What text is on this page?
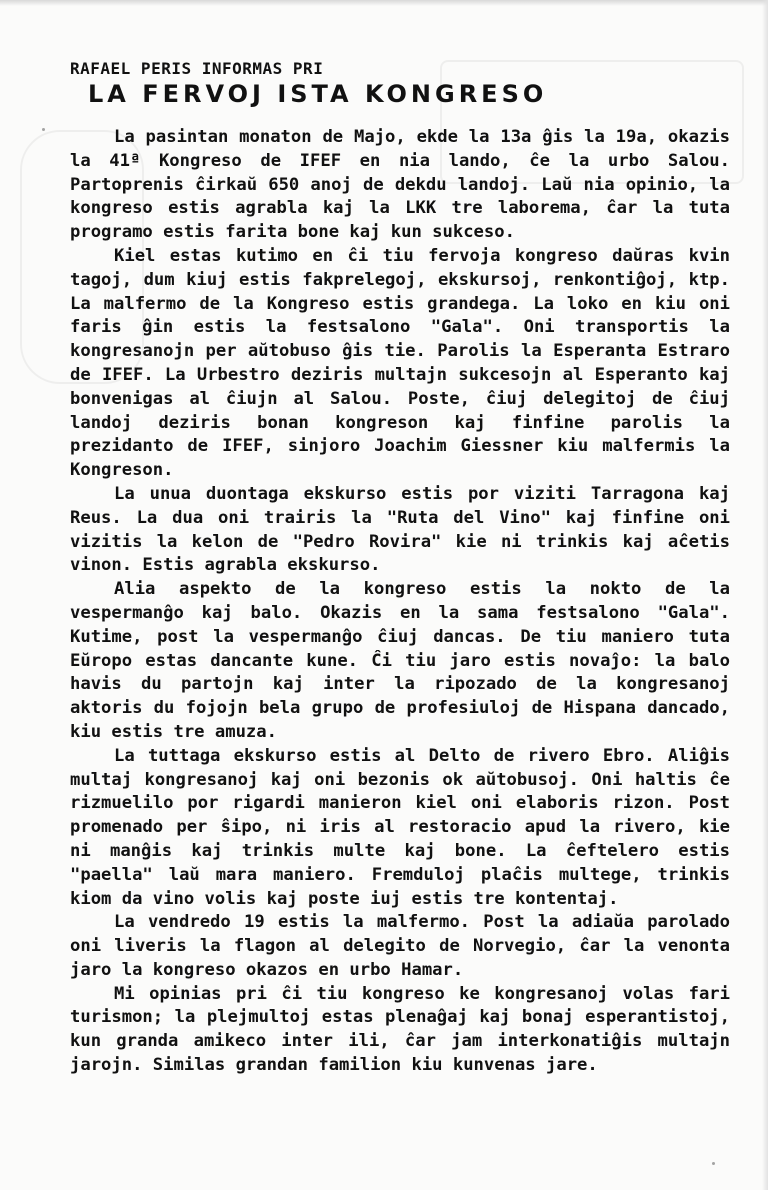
RAFAEL PERIS INFORMAS PRI

LA FERVOJ ISTA KONGRESO

La pasintan monaton de Majo, ekde la 13a ĝis la 19a, okazis la 41ª Kongreso de IFEF en nia lando, ĉe la urbo Salou. Partoprenis ĉirkaŭ 650 anoj de dekdu landoj. Laŭ nia opinio, la kongreso estis agrabla kaj la LKK tre laborema, ĉar la tuta programo estis farita bone kaj kun sukceso.

Kiel estas kutimo en ĉi tiu fervoja kongreso daŭras kvin tagoj, dum kiuj estis fakprelegoj, ekskursoj, renkontiĝoj, ktp. La malfermo de la Kongreso estis grandega. La loko en kiu oni faris ĝin estis la festsalono "Gala". Oni transportis la kongresanojn per aŭtobuso ĝis tie. Parolis la Esperanta Estraro de IFEF. La Urbestro deziris multajn sukcesojn al Esperanto kaj bonvenigas al ĉiujn al Salou. Poste, ĉiuj delegitoj de ĉiuj landoj deziris bonan kongreson kaj finfine parolis la prezidanto de IFEF, sinjoro Joachim Giessner kiu malfermis la Kongreson.

La unua duontaga ekskurso estis por viziti Tarragona kaj Reus. La dua oni trairis la "Ruta del Vino" kaj finfine oni vizitis la kelon de "Pedro Rovira" kie ni trinkis kaj aĉetis vinon. Estis agrabla ekskurso.

Alia aspekto de la kongreso estis la nokto de la vespermanĝo kaj balo. Okazis en la sama festsalono "Gala". Kutime, post la vespermanĝo ĉiuj dancas. De tiu maniero tuta Eŭropo estas dancante kune. Ĉi tiu jaro estis novaĵo: la balo havis du partojn kaj inter la ripozado de la kongresanoj aktoris du fojojn bela grupo de profesiuloj de Hispana dancado, kiu estis tre amuza.

La tuttaga ekskurso estis al Delto de rivero Ebro. Aliĝis multaj kongresanoj kaj oni bezonis ok aŭtobusoj. Oni haltis ĉe rizmuelilo por rigardi manieron kiel oni elaboris rizon. Post promenado per ŝipo, ni iris al restoracio apud la rivero, kie ni manĝis kaj trinkis multe kaj bone. La ĉeftelero estis "paella" laŭ mara maniero. Fremduloj plaĉis multege, trinkis kiom da vino volis kaj poste iuj estis tre kontentaj.

La vendredo 19 estis la malfermo. Post la adiaŭa parolado oni liveris la flagon al delegito de Norvegio, ĉar la venonta jaro la kongreso okazos en urbo Hamar.

Mi opinias pri ĉi tiu kongreso ke kongresanoj volas fari turismon; la plejmultoj estas plenaĝaj kaj bonaj esperantistoj, kun granda amikeco inter ili, ĉar jam interkonatiĝis multajn jarojn. Similas grandan familion kiu kunvenas jare.
